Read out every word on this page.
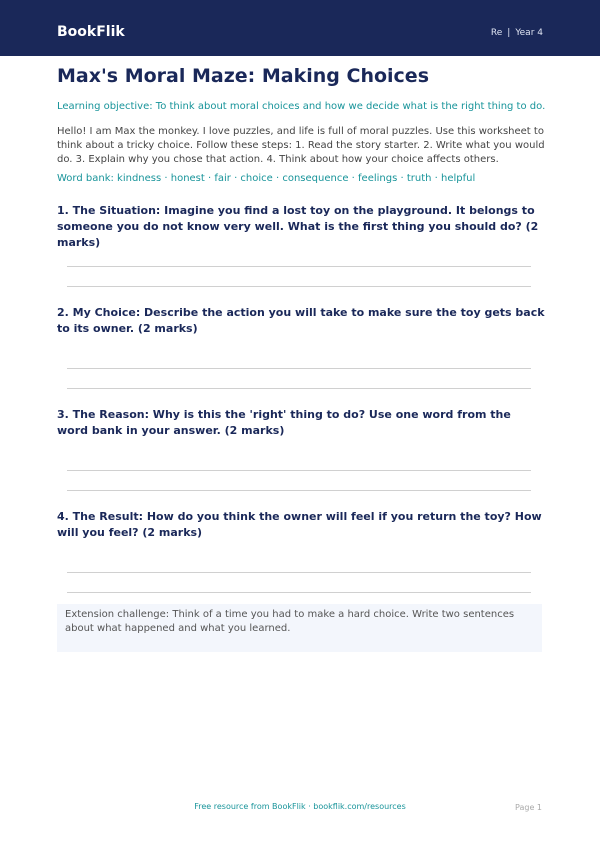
BookFlik	Re | Year 4
Max's Moral Maze: Making Choices
Learning objective: To think about moral choices and how we decide what is the right thing to do.
Hello! I am Max the monkey. I love puzzles, and life is full of moral puzzles. Use this worksheet to think about a tricky choice. Follow these steps: 1. Read the story starter. 2. Write what you would do. 3. Explain why you chose that action. 4. Think about how your choice affects others.
Word bank: kindness · honest · fair · choice · consequence · feelings · truth · helpful
1. The Situation: Imagine you find a lost toy on the playground. It belongs to someone you do not know very well. What is the first thing you should do? (2 marks)
2. My Choice: Describe the action you will take to make sure the toy gets back to its owner. (2 marks)
3. The Reason: Why is this the 'right' thing to do? Use one word from the word bank in your answer. (2 marks)
4. The Result: How do you think the owner will feel if you return the toy? How will you feel? (2 marks)
Extension challenge: Think of a time you had to make a hard choice. Write two sentences about what happened and what you learned.
Free resource from BookFlik · bookflik.com/resources	Page 1
